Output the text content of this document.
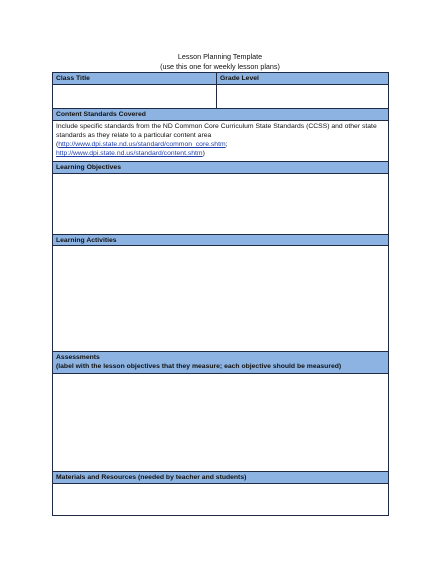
Lesson Planning Template
(use this one for weekly lesson plans)
Class Title	Grade Level
Content Standards Covered
Include specific standards from the ND Common Core Curriculum State Standards (CCSS) and other state standards as they relate to a particular content area
(http://www.dpi.state.nd.us/standard/common_core.shtm;
http://www.dpi.state.nd.us/standard/content.shtm)
Learning Objectives
Learning Activities
Assessments
(label with the lesson objectives that they measure; each objective should be measured)
Materials and Resources (needed by teacher and students)
